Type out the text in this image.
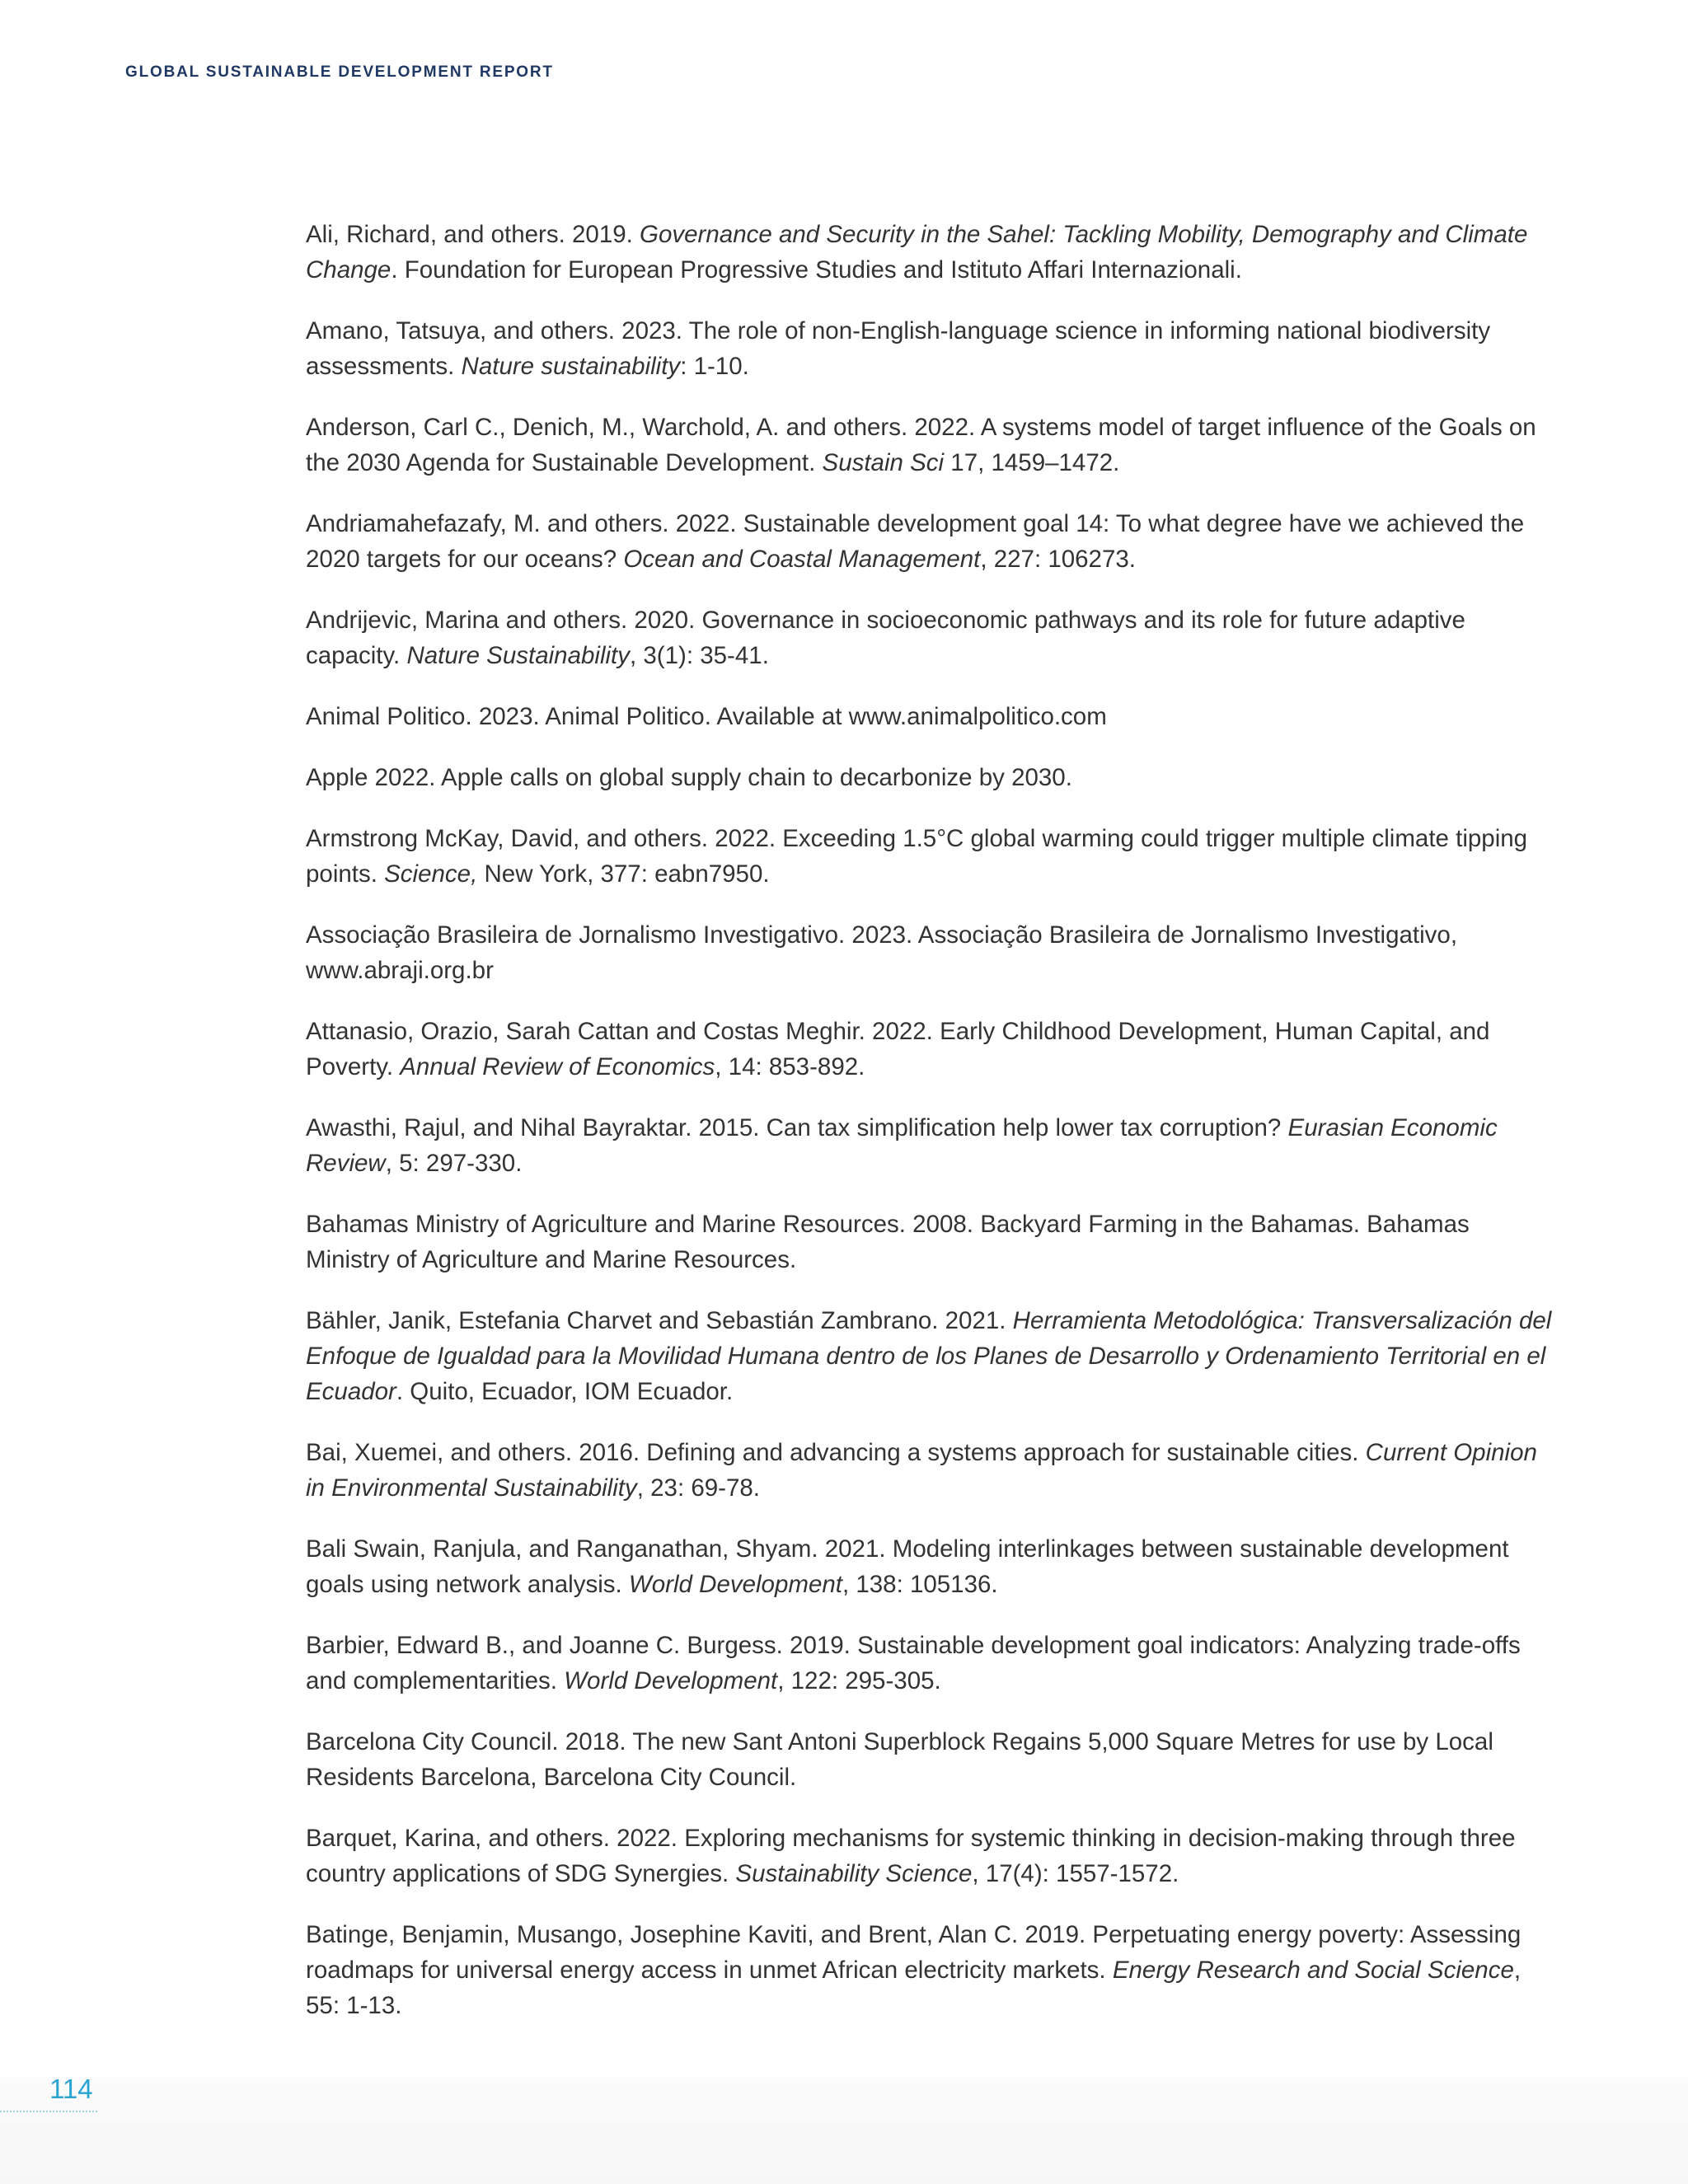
GLOBAL SUSTAINABLE DEVELOPMENT REPORT
Ali, Richard, and others. 2019. Governance and Security in the Sahel: Tackling Mobility, Demography and Climate Change. Foundation for European Progressive Studies and Istituto Affari Internazionali.
Amano, Tatsuya, and others. 2023. The role of non-English-language science in informing national biodiversity assessments. Nature sustainability: 1-10.
Anderson, Carl C., Denich, M., Warchold, A. and others. 2022. A systems model of target influence of the Goals on the 2030 Agenda for Sustainable Development. Sustain Sci 17, 1459–1472.
Andriamahefazafy, M. and others. 2022. Sustainable development goal 14: To what degree have we achieved the 2020 targets for our oceans? Ocean and Coastal Management, 227: 106273.
Andrijevic, Marina and others. 2020. Governance in socioeconomic pathways and its role for future adaptive capacity. Nature Sustainability, 3(1): 35-41.
Animal Politico. 2023. Animal Politico. Available at www.animalpolitico.com
Apple 2022. Apple calls on global supply chain to decarbonize by 2030.
Armstrong McKay, David, and others. 2022. Exceeding 1.5°C global warming could trigger multiple climate tipping points. Science, New York, 377: eabn7950.
Associação Brasileira de Jornalismo Investigativo. 2023. Associação Brasileira de Jornalismo Investigativo, www.abraji.org.br
Attanasio, Orazio, Sarah Cattan and Costas Meghir. 2022. Early Childhood Development, Human Capital, and Poverty. Annual Review of Economics, 14: 853-892.
Awasthi, Rajul, and Nihal Bayraktar. 2015. Can tax simplification help lower tax corruption? Eurasian Economic Review, 5: 297-330.
Bahamas Ministry of Agriculture and Marine Resources. 2008. Backyard Farming in the Bahamas. Bahamas Ministry of Agriculture and Marine Resources.
Bähler, Janik, Estefania Charvet and Sebastián Zambrano. 2021. Herramienta Metodológica: Transversalización del Enfoque de Igualdad para la Movilidad Humana dentro de los Planes de Desarrollo y Ordenamiento Territorial en el Ecuador. Quito, Ecuador, IOM Ecuador.
Bai, Xuemei, and others. 2016. Defining and advancing a systems approach for sustainable cities. Current Opinion in Environmental Sustainability, 23: 69-78.
Bali Swain, Ranjula, and Ranganathan, Shyam. 2021. Modeling interlinkages between sustainable development goals using network analysis. World Development, 138: 105136.
Barbier, Edward B., and Joanne C. Burgess. 2019. Sustainable development goal indicators: Analyzing trade-offs and complementarities. World Development, 122: 295-305.
Barcelona City Council. 2018. The new Sant Antoni Superblock Regains 5,000 Square Metres for use by Local Residents Barcelona, Barcelona City Council.
Barquet, Karina, and others. 2022. Exploring mechanisms for systemic thinking in decision-making through three country applications of SDG Synergies. Sustainability Science, 17(4): 1557-1572.
Batinge, Benjamin, Musango, Josephine Kaviti, and Brent, Alan C. 2019. Perpetuating energy poverty: Assessing roadmaps for universal energy access in unmet African electricity markets. Energy Research and Social Science, 55: 1-13.
114
